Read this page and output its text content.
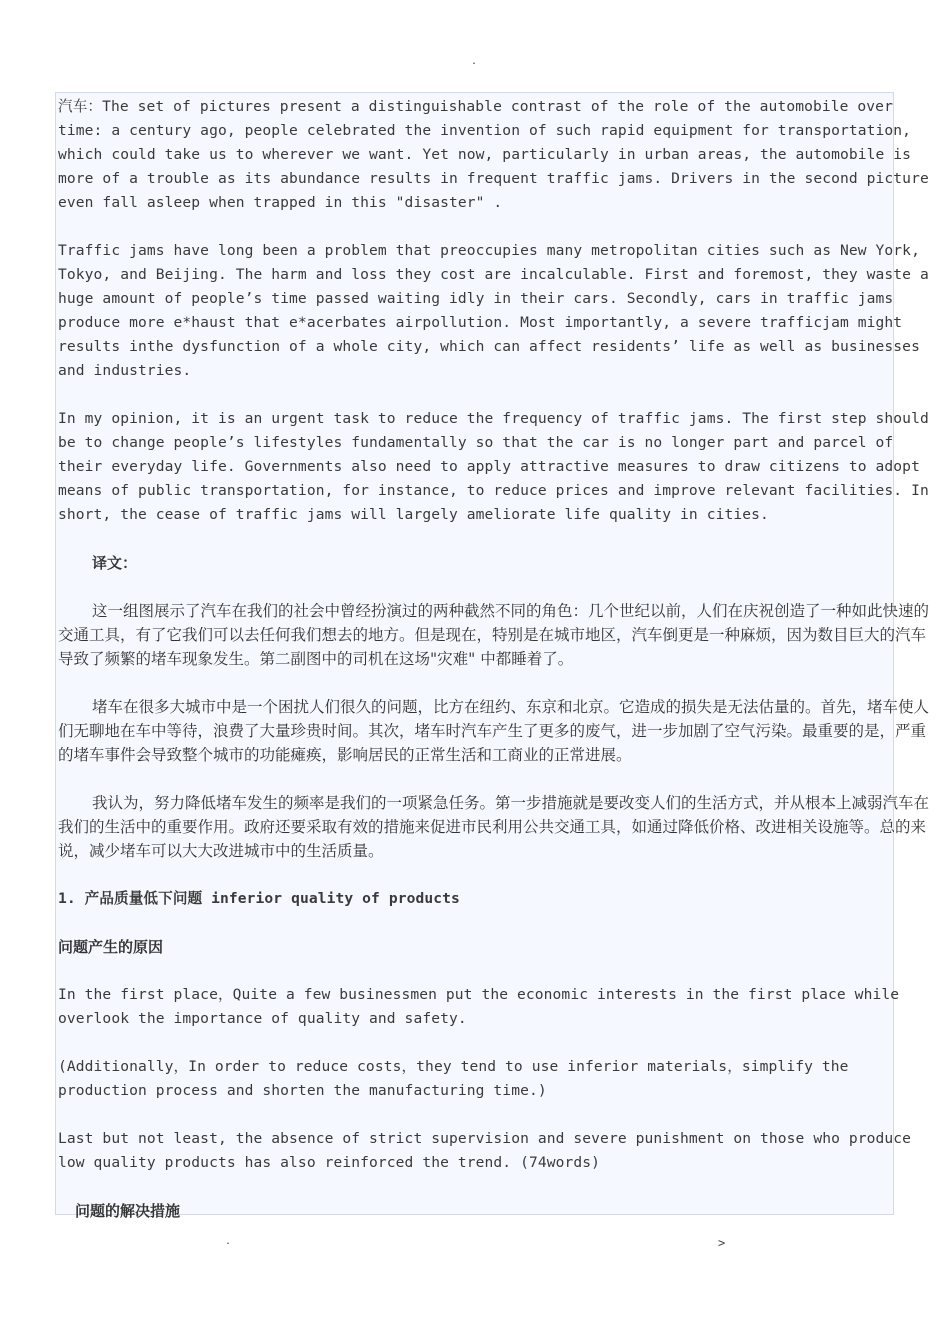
.

汽车：The set of pictures present a distinguishable contrast of the role of the automobile over time: a century ago, people celebrated the invention of such rapid equipment for transportation, which could take us to wherever we want. Yet now, particularly in urban areas, the automobile is more of a trouble as its abundance results in frequent traffic jams. Drivers in the second picture even fall asleep when trapped in this "disaster" .

Traffic jams have long been a problem that preoccupies many metropolitan cities such as New York, Tokyo, and Beijing. The harm and loss they cost are incalculable. First and foremost, they waste a huge amount of people’s time passed waiting idly in their cars. Secondly, cars in traffic jams produce more e*haust that e*acerbates airpollution. Most importantly, a severe trafficjam might results inthe dysfunction of a whole city, which can affect residents’ life as well as businesses and industries.

In my opinion, it is an urgent task to reduce the frequency of traffic jams. The first step should be to change people’s lifestyles fundamentally so that the car is no longer part and parcel of their everyday life. Governments also need to apply attractive measures to draw citizens to adopt means of public transportation, for instance, to reduce prices and improve relevant facilities. In short, the cease of traffic jams will largely ameliorate life quality in cities.

译文：

这一组图展示了汽车在我们的社会中曾经扮演过的两种截然不同的角色：几个世纪以前，人们在庆祝创造了一种如此快速的交通工具，有了它我们可以去任何我们想去的地方。但是现在，特别是在城市地区，汽车倒更是一种麻烦，因为数目巨大的汽车导致了频繁的堵车现象发生。第二副图中的司机在这场"灾难" 中都睡着了。

堵车在很多大城市中是一个困扰人们很久的问题，比方在纽约、东京和北京。它造成的损失是无法估量的。首先，堵车使人们无聊地在车中等待，浪费了大量珍贵时间。其次，堵车时汽车产生了更多的废气，进一步加剧了空气污染。最重要的是，严重的堵车事件会导致整个城市的功能瘫痪，影响居民的正常生活和工商业的正常进展。

我认为，努力降低堵车发生的频率是我们的一项紧急任务。第一步措施就是要改变人们的生活方式，并从根本上减弱汽车在我们的生活中的重要作用。政府还要采取有效的措施来促进市民利用公共交通工具，如通过降低价格、改进相关设施等。总的来说，减少堵车可以大大改进城市中的生活质量。

1. 产品质量低下问题 inferior quality of products

问题产生的原因

In the first place，Quite a few businessmen put the economic interests in the first place while overlook the importance of quality and safety.

(Additionally，In order to reduce costs，they tend to use inferior materials，simplify the production process and shorten the manufacturing time.)

Last but not least, the absence of strict supervision and severe punishment on those who produce low quality products has also reinforced the trend. (74words)

问题的解决措施

.	>
